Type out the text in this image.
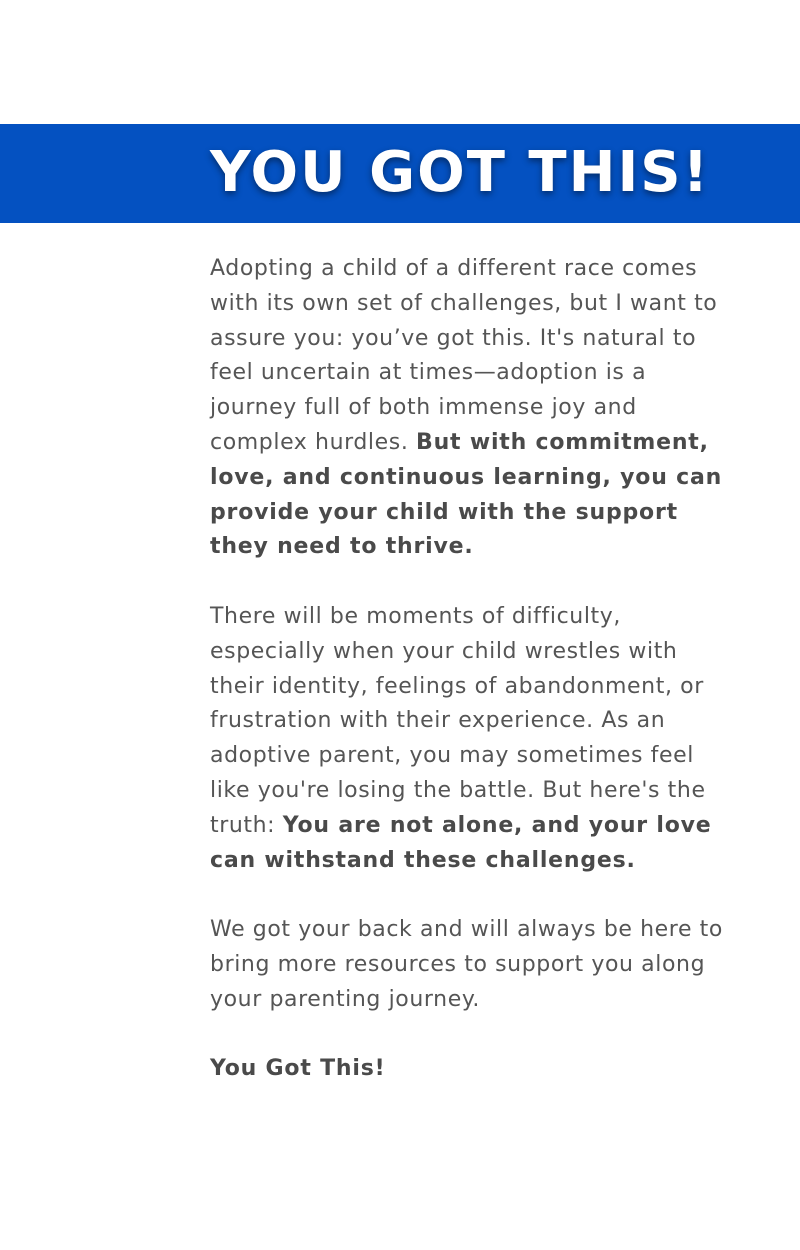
YOU GOT THIS!

Adopting a child of a different race comes with its own set of challenges, but I want to assure you: you’ve got this. It's natural to feel uncertain at times—adoption is a journey full of both immense joy and complex hurdles. But with commitment, love, and continuous learning, you can provide your child with the support they need to thrive.

There will be moments of difficulty, especially when your child wrestles with their identity, feelings of abandonment, or frustration with their experience. As an adoptive parent, you may sometimes feel like you're losing the battle. But here's the truth: You are not alone, and your love can withstand these challenges.

We got your back and will always be here to bring more resources to support you along your parenting journey.

You Got This!
